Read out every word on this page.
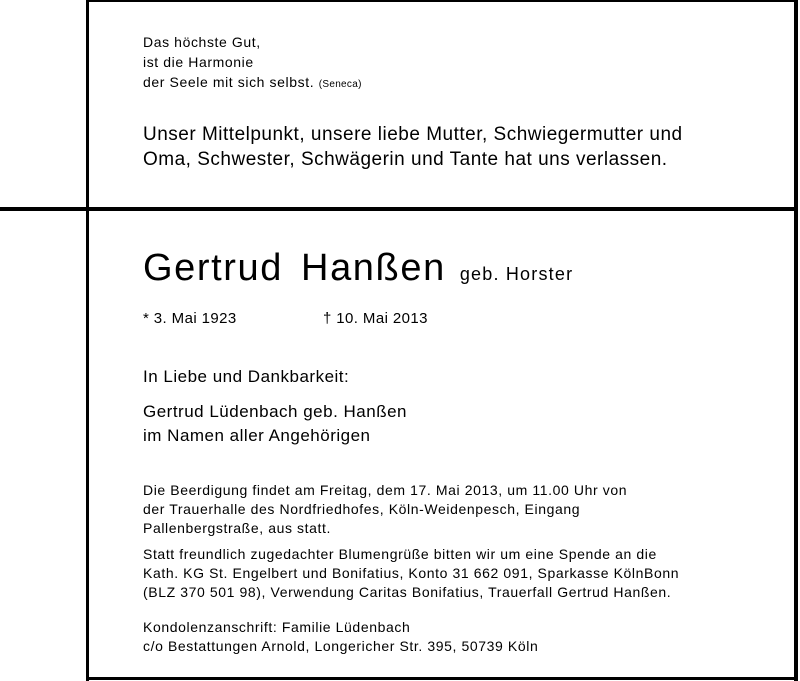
Das höchste Gut,
ist die Harmonie
der Seele mit sich selbst. (Seneca)
Unser Mittelpunkt, unsere liebe Mutter, Schwiegermutter und
Oma, Schwester, Schwägerin und Tante hat uns verlassen.
Gertrud Hanßen geb. Horster
* 3. Mai 1923	† 10. Mai 2013
In Liebe und Dankbarkeit:
Gertrud Lüdenbach geb. Hanßen
im Namen aller Angehörigen
Die Beerdigung findet am Freitag, dem 17. Mai 2013, um 11.00 Uhr von
der Trauerhalle des Nordfriedhofes, Köln-Weidenpesch, Eingang
Pallenbergstraße, aus statt.
Statt freundlich zugedachter Blumengrüße bitten wir um eine Spende an die
Kath. KG St. Engelbert und Bonifatius, Konto 31 662 091, Sparkasse KölnBonn
(BLZ 370 501 98), Verwendung Caritas Bonifatius, Trauerfall Gertrud Hanßen.
Kondolenzanschrift: Familie Lüdenbach
c/o Bestattungen Arnold, Longericher Str. 395, 50739 Köln
